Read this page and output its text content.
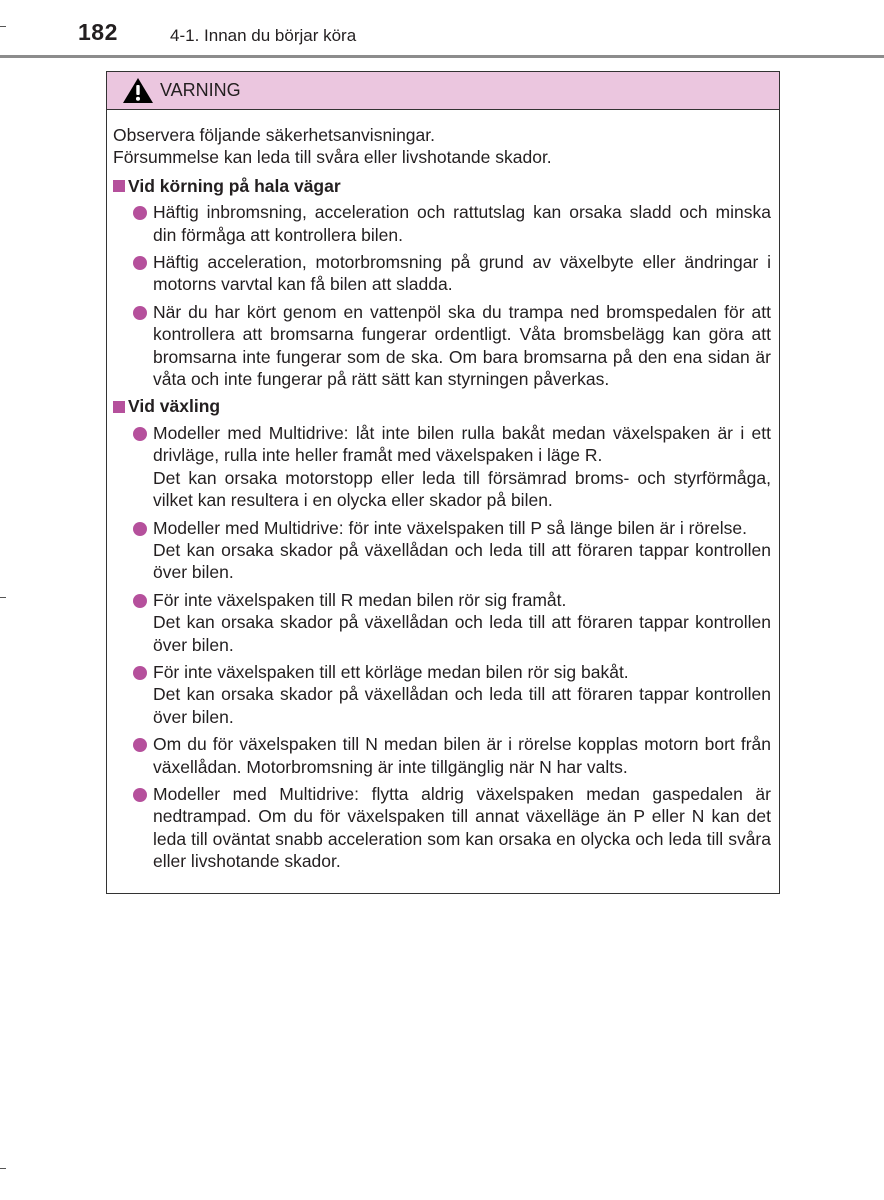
182	4-1. Innan du börjar köra
VARNING

Observera följande säkerhetsanvisningar.
Försummelse kan leda till svåra eller livshotande skador.

Vid körning på hala vägar
Häftig inbromsning, acceleration och rattutslag kan orsaka sladd och minska din förmåga att kontrollera bilen.
Häftig acceleration, motorbromsning på grund av växelbyte eller ändringar i motorns varvtal kan få bilen att sladda.
När du har kört genom en vattenpöl ska du trampa ned bromspedalen för att kontrollera att bromsarna fungerar ordentligt. Våta bromsbelägg kan göra att bromsarna inte fungerar som de ska. Om bara bromsarna på den ena sidan är våta och inte fungerar på rätt sätt kan styrningen påverkas.
Vid växling
Modeller med Multidrive: låt inte bilen rulla bakåt medan växelspaken är i ett drivläge, rulla inte heller framåt med växelspaken i läge R.
Det kan orsaka motorstopp eller leda till försämrad broms- och styrförmåga, vilket kan resultera i en olycka eller skador på bilen.
Modeller med Multidrive: för inte växelspaken till P så länge bilen är i rörelse.
Det kan orsaka skador på växellådan och leda till att föraren tappar kontrollen över bilen.
För inte växelspaken till R medan bilen rör sig framåt.
Det kan orsaka skador på växellådan och leda till att föraren tappar kontrollen över bilen.
För inte växelspaken till ett körläge medan bilen rör sig bakåt.
Det kan orsaka skador på växellådan och leda till att föraren tappar kontrollen över bilen.
Om du för växelspaken till N medan bilen är i rörelse kopplas motorn bort från växellådan. Motorbromsning är inte tillgänglig när N har valts.
Modeller med Multidrive: flytta aldrig växelspaken medan gaspedalen är nedtrampad. Om du för växelspaken till annat växelläge än P eller N kan det leda till oväntat snabb acceleration som kan orsaka en olycka och leda till svåra eller livshotande skador.
